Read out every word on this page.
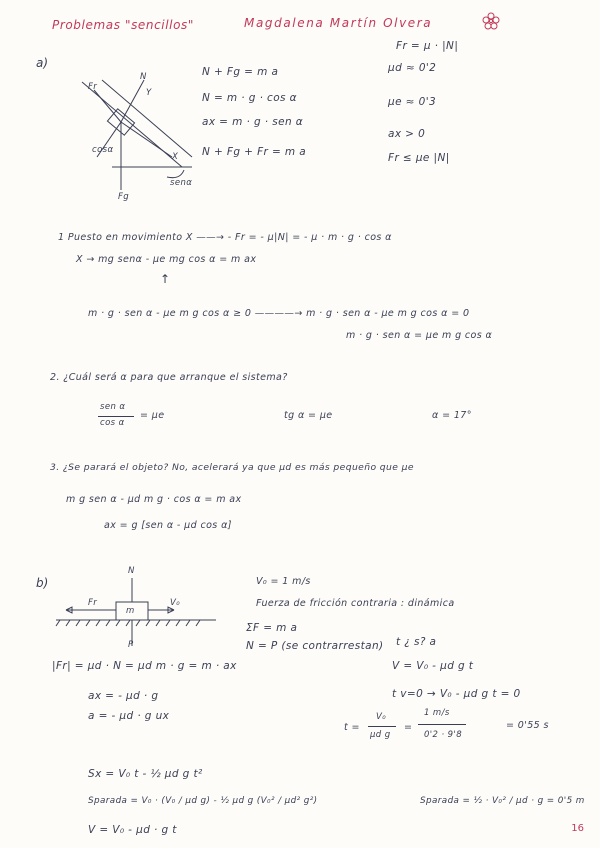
Problemas "sencillos"	Magdalena Martín Olvera
a)
Fr
N
Y
X
Fg
cosα
senα
N + Fg = m a
N = m · g · cos α
ax = m · g · sen α
N + Fg + Fr = m a
Fr = μ · |N|
μd ≈ 0'2
μe ≈ 0'3
ax > 0
Fr ≤ μe |N|
1 Puesto en movimiento X ——→ - Fr = - μ|N| = - μ · m · g · cos α
X → mg senα - μe mg cos α = m ax
↑
m · g · sen α - μe m g cos α ≥ 0 ————→ m · g · sen α - μe m g cos α = 0
m · g · sen α = μe m g cos α
2. ¿Cuál será α para que arranque el sistema?
sen α
cos α
= μe	tg α = μe	α = 17°
3. ¿Se parará el objeto? No, acelerará ya que μd es más pequeño que μe
m g sen α - μd m g · cos α = m ax
ax = g [sen α - μd cos α]
b)
N
Fr
m
V₀
P
V₀ = 1 m/s
Fuerza de fricción contraria : dinámica
ΣF = m a
N = P (se contrarrestan) t ¿ s? a
V = V₀ - μd g t
|Fr| = μd · N = μd m · g = m · ax
ax = - μd · g
a = - μd · g ux
t v=0 → V₀ - μd g t = 0
t =
V₀
μd g
=
1 m/s
0'2 · 9'8
= 0'55 s
Sx = V₀ t - ½ μd g t²
Sparada = V₀ · (V₀ / μd g) - ½ μd g (V₀² / μd² g²)	Sparada = ½ · V₀² / μd · g = 0'5 m
V = V₀ - μd · g t	16
